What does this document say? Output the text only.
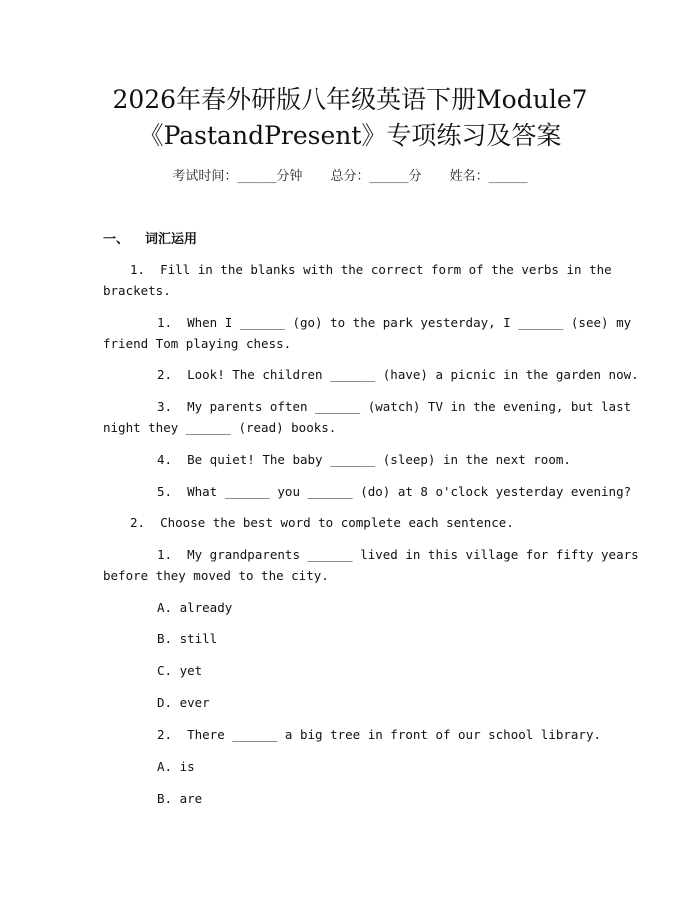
2026年春外研版八年级英语下册Module7
《PastandPresent》专项练习及答案
考试时间：______分钟 总分：______分 姓名：______
一、 词汇运用
1.  Fill in the blanks with the correct form of the verbs in the
brackets.
1.  When I ______ (go) to the park yesterday, I ______ (see) my
friend Tom playing chess.
2.  Look! The children ______ (have) a picnic in the garden now.
3.  My parents often ______ (watch) TV in the evening, but last
night they ______ (read) books.
4.  Be quiet! The baby ______ (sleep) in the next room.
5.  What ______ you ______ (do) at 8 o'clock yesterday evening?
2.  Choose the best word to complete each sentence.
1.  My grandparents ______ lived in this village for fifty years
before they moved to the city.
A. already
B. still
C. yet
D. ever
2.  There ______ a big tree in front of our school library.
A. is
B. are
